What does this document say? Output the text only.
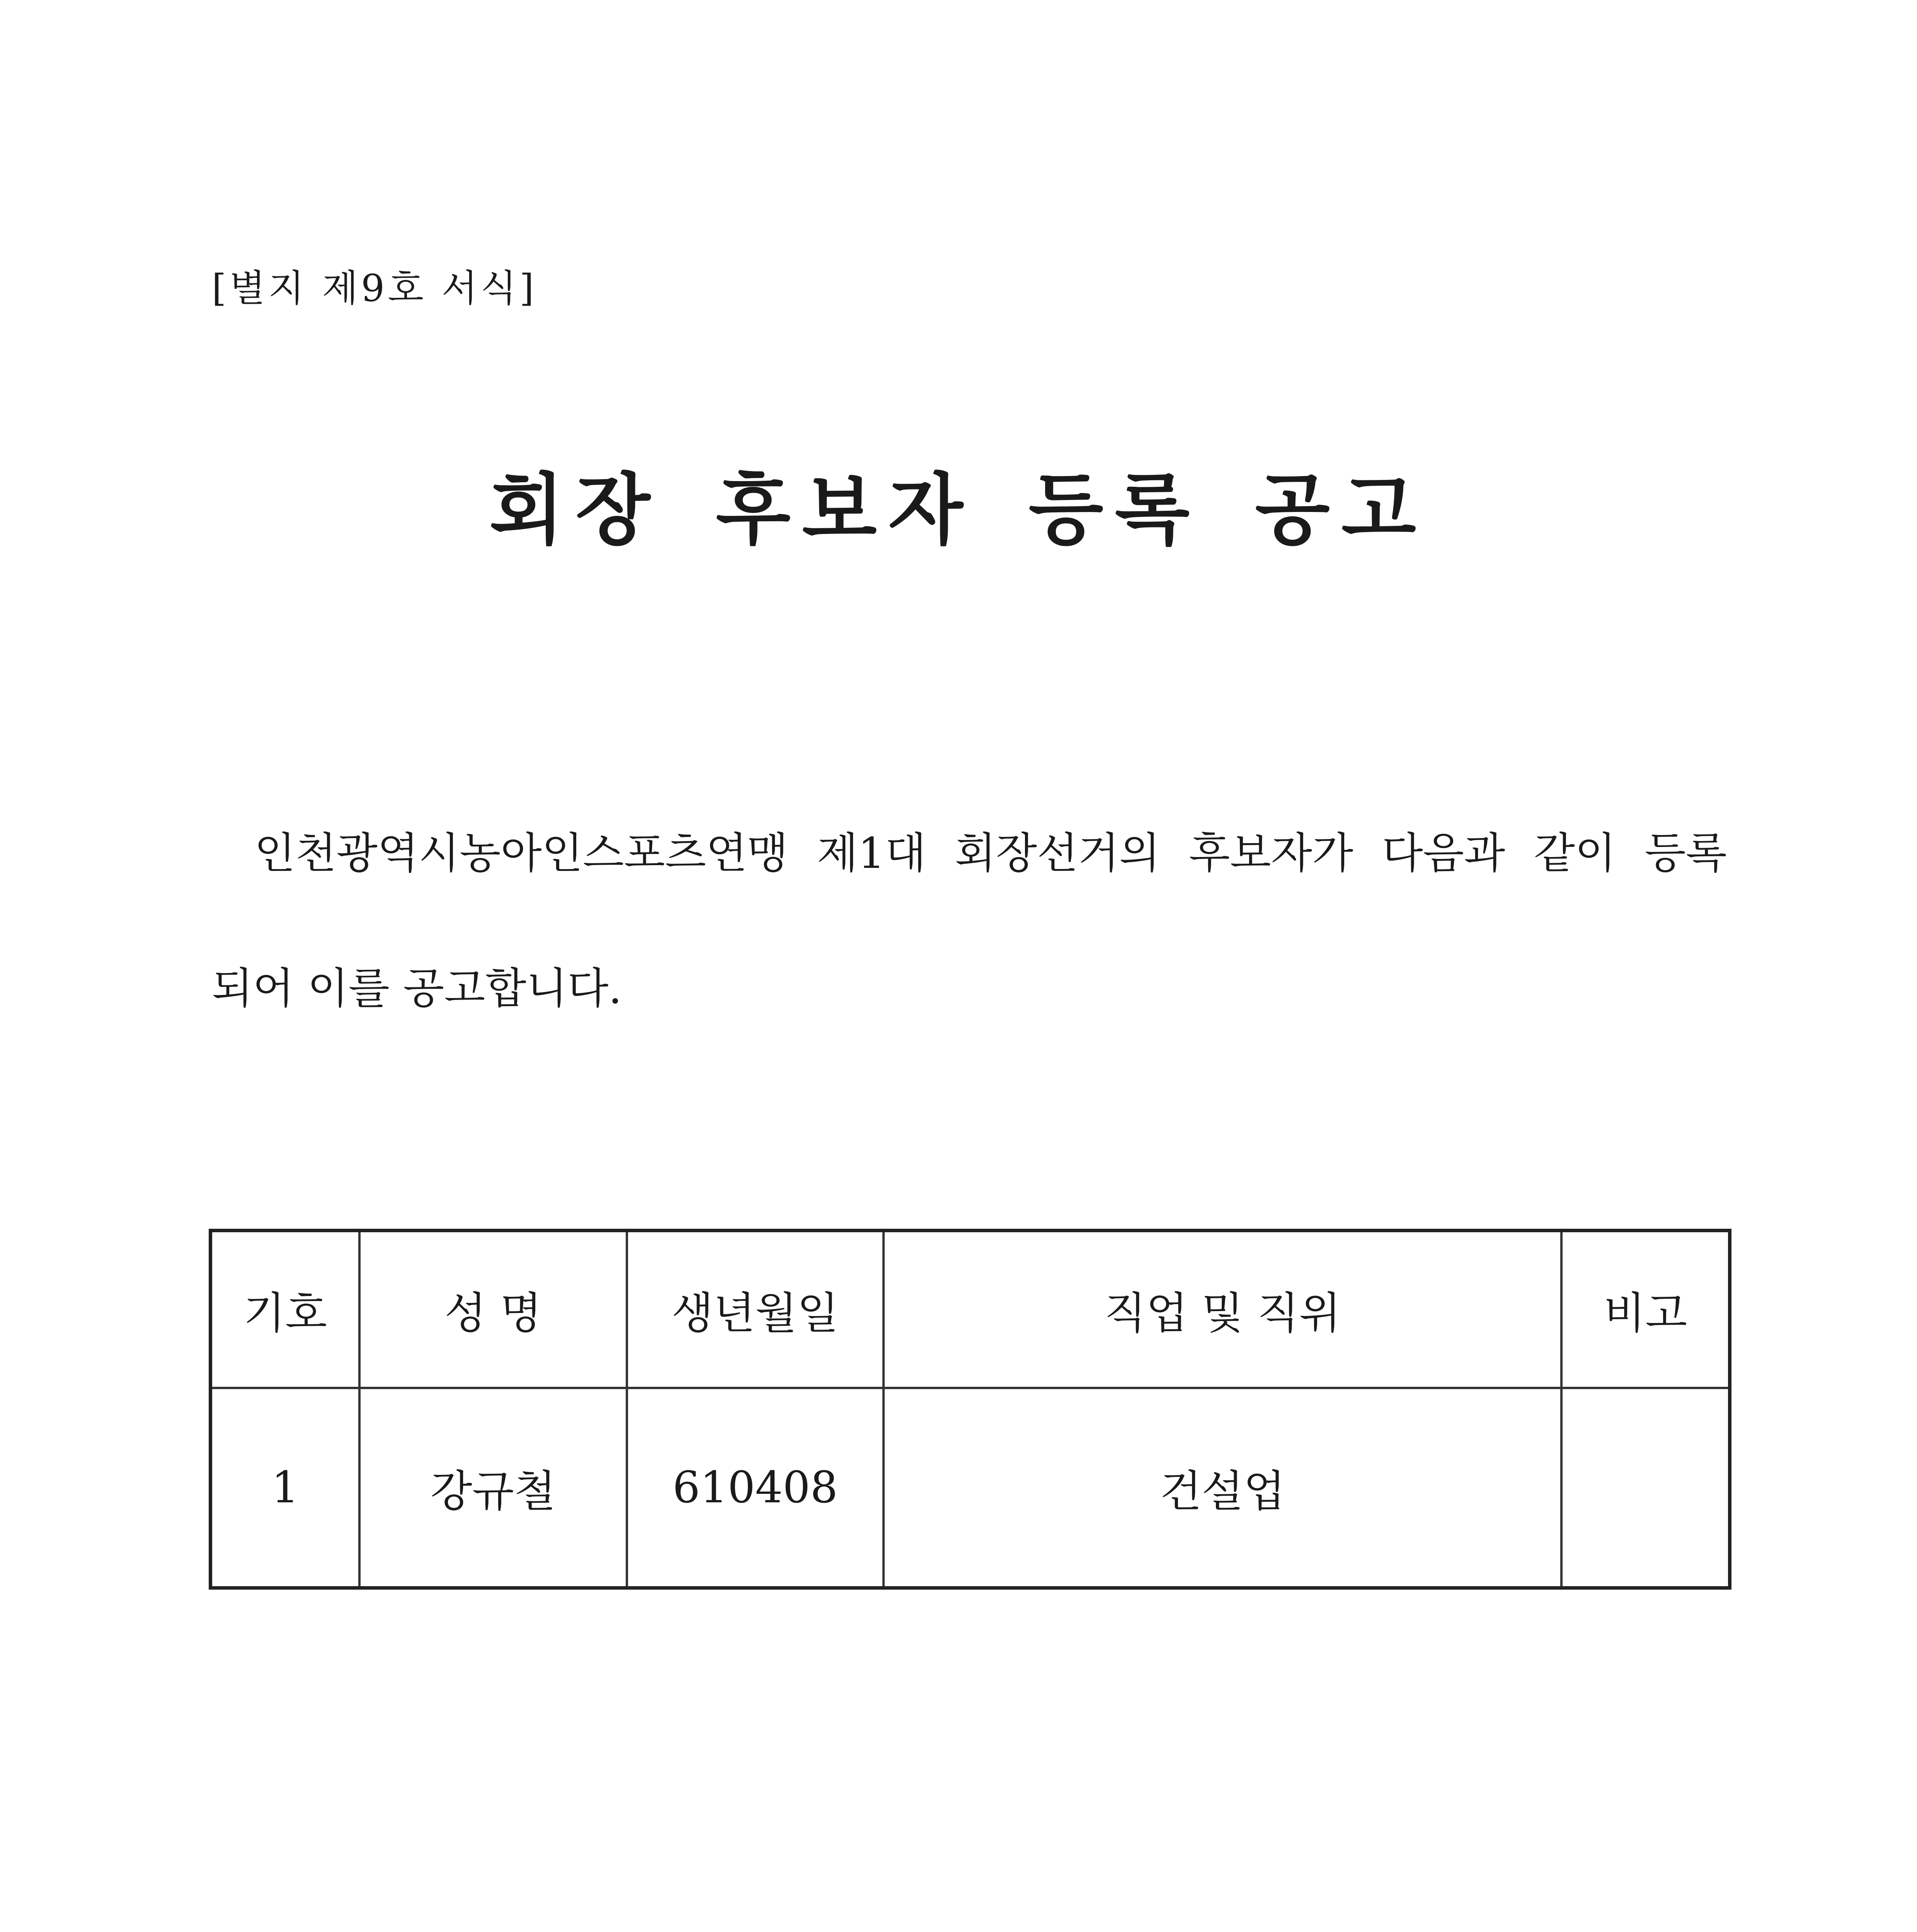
[별지 제9호 서식]
회장 후보자 등록 공고
인천광역시농아인스포츠연맹 제1대 회장선거의 후보자가 다음과 같이 등록
되어 이를 공고합니다.
기호	성 명	생년월일	직업 및 직위	비고
1	강규철	610408	건설업	
